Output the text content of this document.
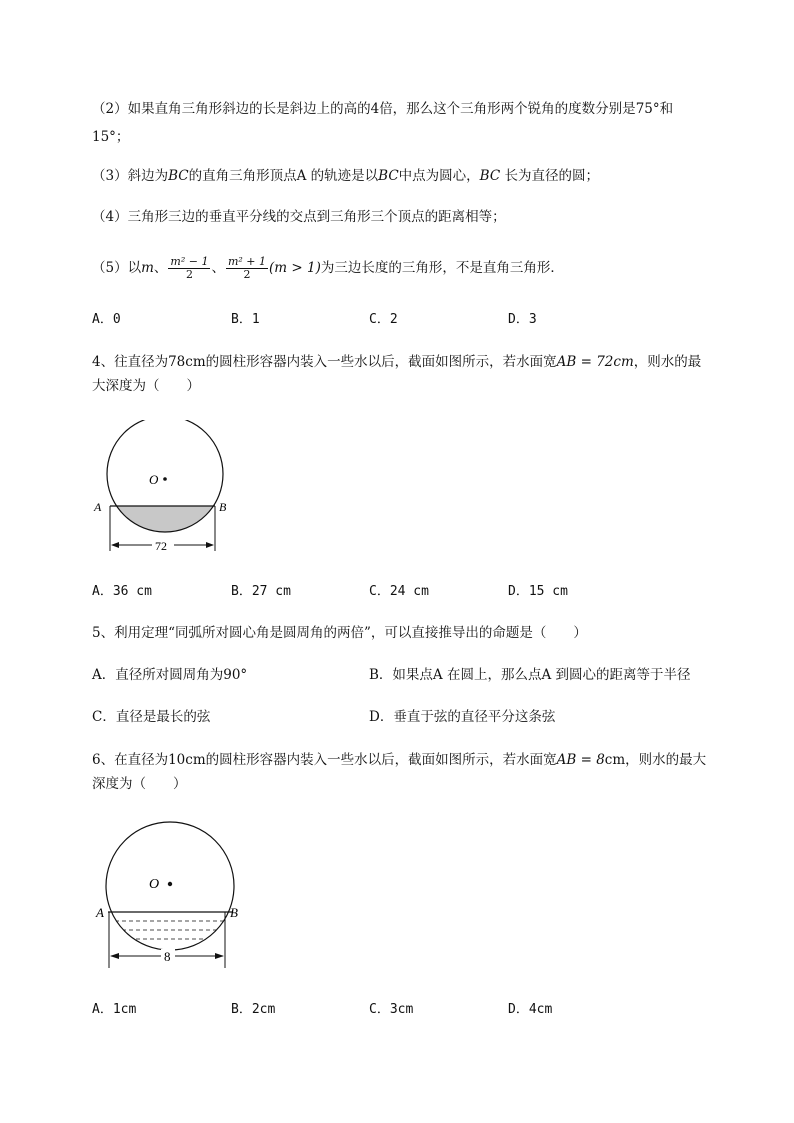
（2）如果直角三角形斜边的长是斜边上的高的4倍，那么这个三角形两个锐角的度数分别是75°和
15°；
（3）斜边为BC的直角三角形顶点A 的轨迹是以BC中点为圆心，BC 长为直径的圆；
（4）三角形三边的垂直平分线的交点到三角形三个顶点的距离相等；
（5）以m、 $\frac{\text{m² − 1}}{2}$ 、 $\frac{\text{m² + 1}}{2} (m > 1)$为三边长度的三角形，不是直角三角形．
A．0	B．1	C．2	D．3
4、往直径为78cm的圆柱形容器内装入一些水以后，截面如图所示，若水面宽AB = 72cm，则水的最
大深度为（　　）
O
A	B
72
A．36 cm	B．27 cm	C．24 cm	D．15 cm
5、利用定理“同弧所对圆心角是圆周角的两倍”，可以直接推导出的命题是（　　）
A．直径所对圆周角为90°	B．如果点A 在圆上，那么点A 到圆心的距离等于半径
C．直径是最长的弦	D．垂直于弦的直径平分这条弦
6、在直径为10cm的圆柱形容器内装入一些水以后，截面如图所示，若水面宽AB = 8cm，则水的最大
深度为（　　）
O
A	B
8
A．1cm	B．2cm	C．3cm	D．4cm
